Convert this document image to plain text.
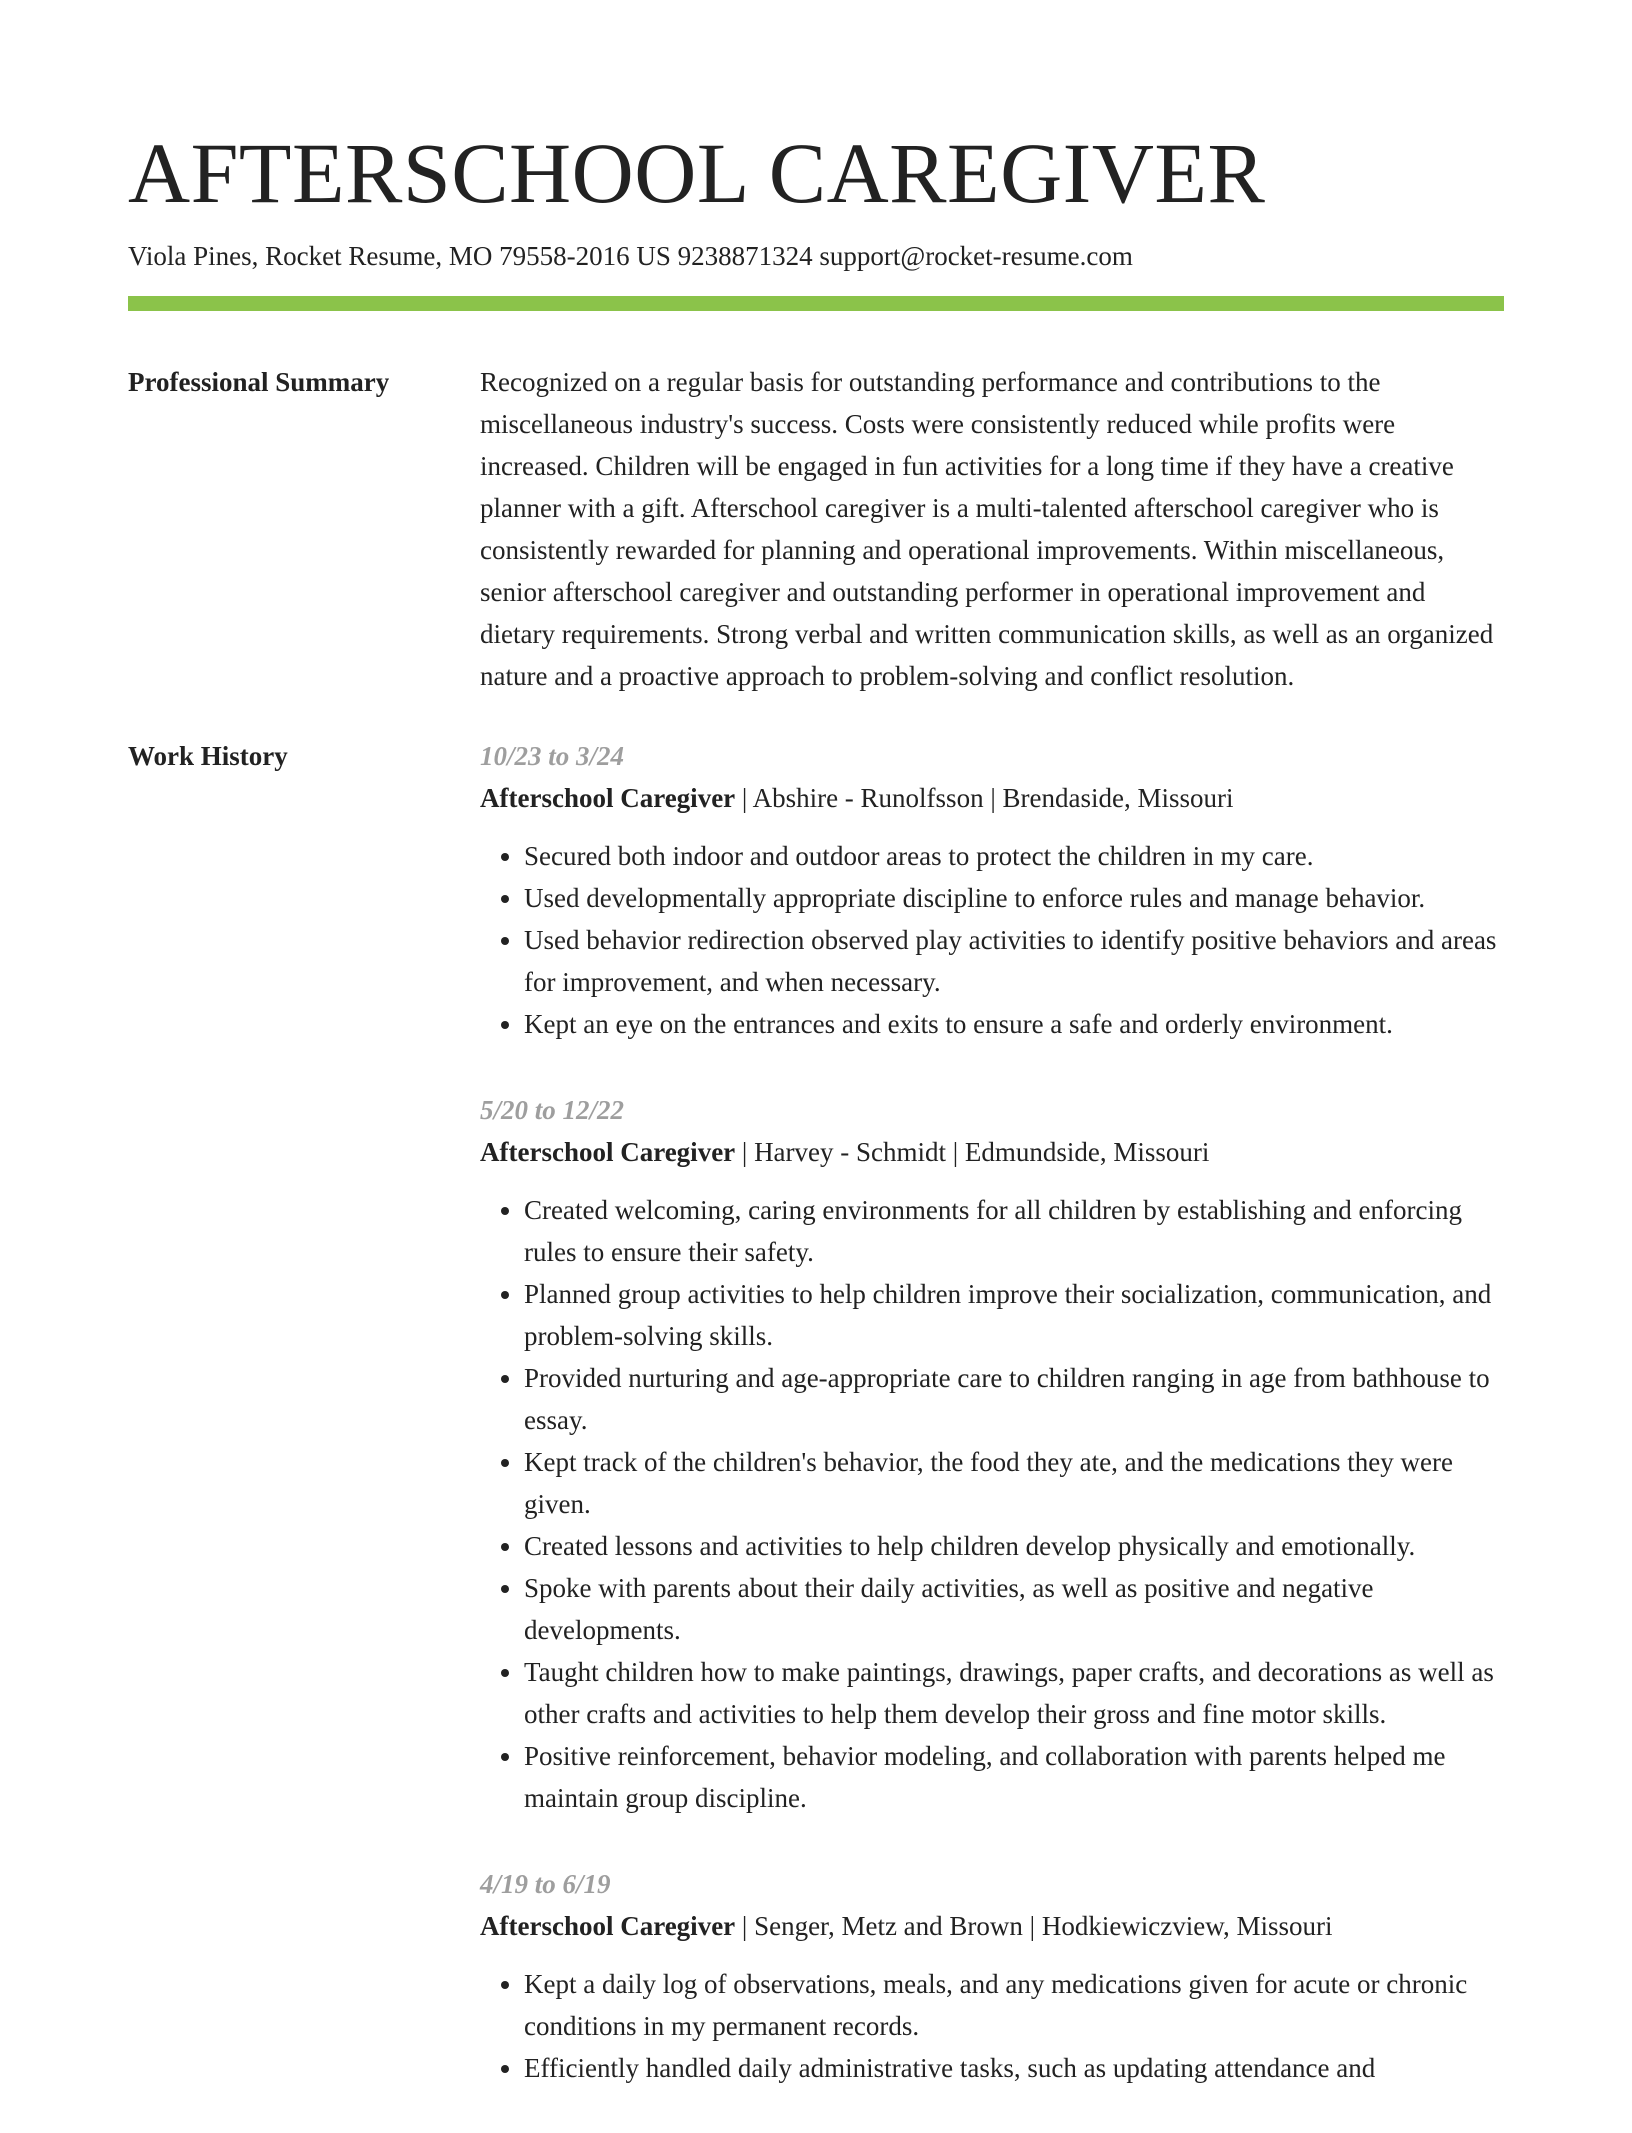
AFTERSCHOOL CAREGIVER
Viola Pines, Rocket Resume, MO 79558-2016 US 9238871324 support@rocket-resume.com
Professional Summary	Recognized on a regular basis for outstanding performance and contributions to the miscellaneous industry's success. Costs were consistently reduced while profits were increased. Children will be engaged in fun activities for a long time if they have a creative planner with a gift. Afterschool caregiver is a multi-talented afterschool caregiver who is consistently rewarded for planning and operational improvements. Within miscellaneous, senior afterschool caregiver and outstanding performer in operational improvement and dietary requirements. Strong verbal and written communication skills, as well as an organized nature and a proactive approach to problem-solving and conflict resolution.

Work History	10/23 to 3/24
Afterschool Caregiver | Abshire - Runolfsson | Brendaside, Missouri
• Secured both indoor and outdoor areas to protect the children in my care.
• Used developmentally appropriate discipline to enforce rules and manage behavior.
• Used behavior redirection observed play activities to identify positive behaviors and areas for improvement, and when necessary.
• Kept an eye on the entrances and exits to ensure a safe and orderly environment.
5/20 to 12/22
Afterschool Caregiver | Harvey - Schmidt | Edmundside, Missouri
• Created welcoming, caring environments for all children by establishing and enforcing rules to ensure their safety.
• Planned group activities to help children improve their socialization, communication, and problem-solving skills.
• Provided nurturing and age-appropriate care to children ranging in age from bathhouse to essay.
• Kept track of the children's behavior, the food they ate, and the medications they were given.
• Created lessons and activities to help children develop physically and emotionally.
• Spoke with parents about their daily activities, as well as positive and negative developments.
• Taught children how to make paintings, drawings, paper crafts, and decorations as well as other crafts and activities to help them develop their gross and fine motor skills.
• Positive reinforcement, behavior modeling, and collaboration with parents helped me maintain group discipline.
4/19 to 6/19
Afterschool Caregiver | Senger, Metz and Brown | Hodkiewiczview, Missouri
• Kept a daily log of observations, meals, and any medications given for acute or chronic conditions in my permanent records.
• Efficiently handled daily administrative tasks, such as updating attendance and
